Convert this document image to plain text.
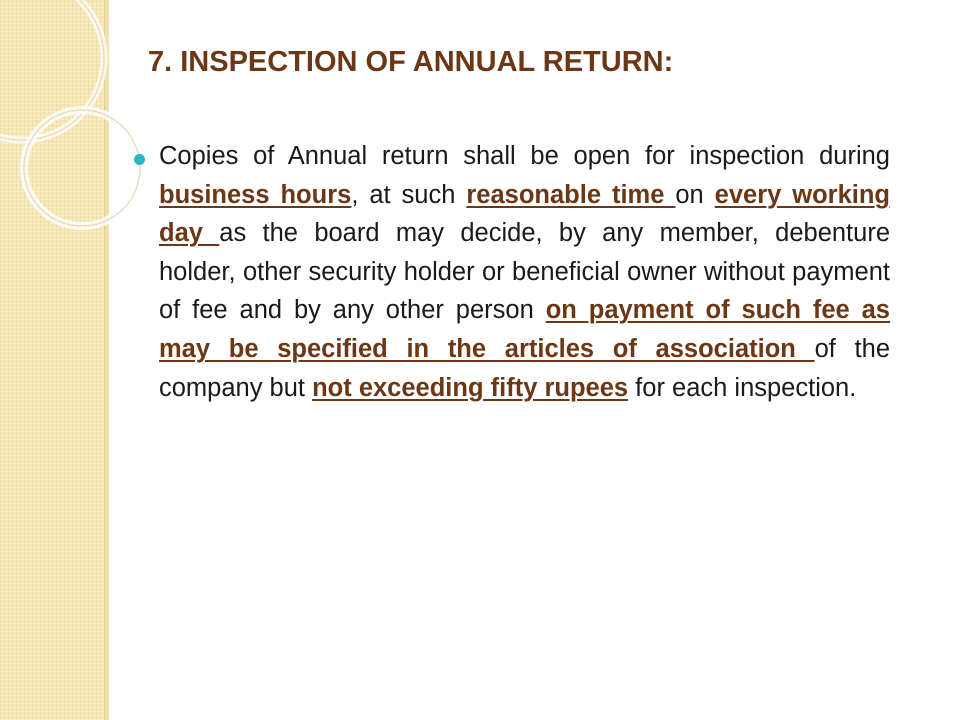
7. INSPECTION OF ANNUAL RETURN:

Copies of Annual return shall be open for inspection during business hours, at such reasonable time on every working day as the board may decide, by any member, debenture holder, other security holder or beneficial owner without payment of fee and by any other person on payment of such fee as may be specified in the articles of association of the company but not exceeding fifty rupees for each inspection.
